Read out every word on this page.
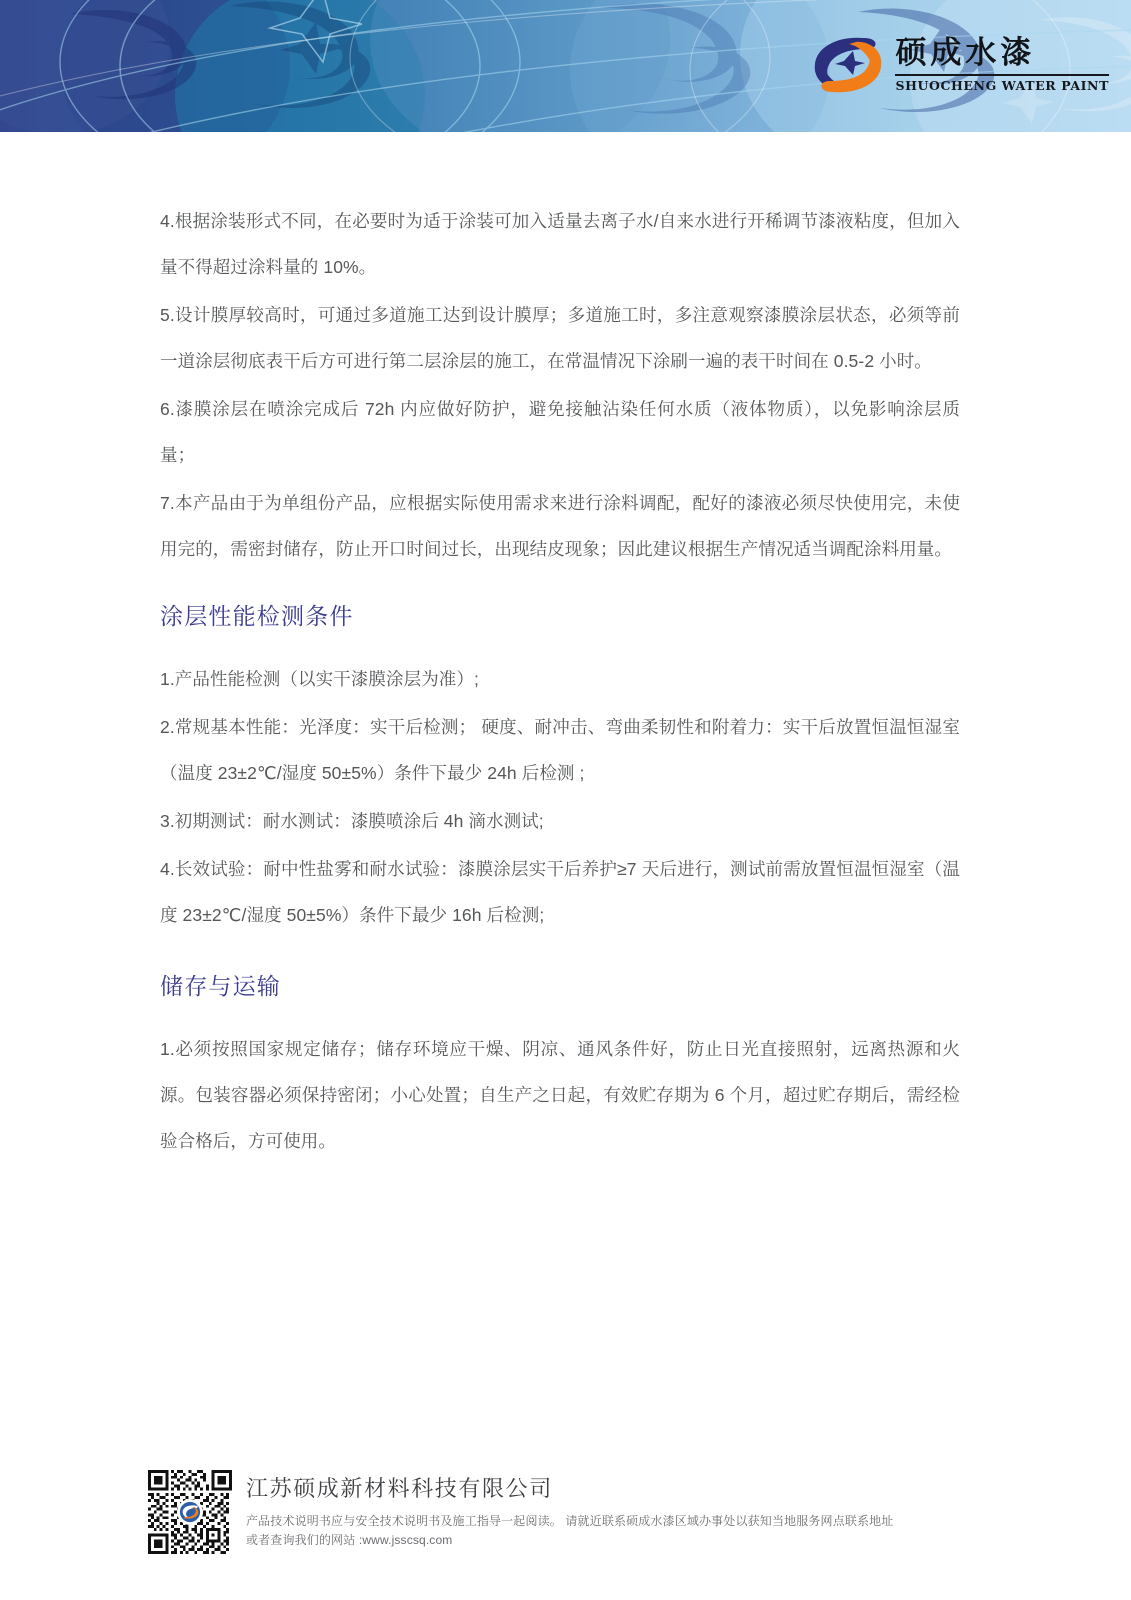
硕成水漆
SHUOCHENG WATER PAINT

4.根据涂装形式不同，在必要时为适于涂装可加入适量去离子水/自来水进行开稀调节漆液粘度，但加入量不得超过涂料量的 10%。

5.设计膜厚较高时，可通过多道施工达到设计膜厚；多道施工时，多注意观察漆膜涂层状态，必须等前一道涂层彻底表干后方可进行第二层涂层的施工，在常温情况下涂刷一遍的表干时间在 0.5-2 小时。

6.漆膜涂层在喷涂完成后 72h 内应做好防护，避免接触沾染任何水质（液体物质），以免影响涂层质量；

7.本产品由于为单组份产品，应根据实际使用需求来进行涂料调配，配好的漆液必须尽快使用完，未使用完的，需密封储存，防止开口时间过长，出现结皮现象；因此建议根据生产情况适当调配涂料用量。

涂层性能检测条件

1.产品性能检测（以实干漆膜涂层为准）;

2.常规基本性能：光泽度：实干后检测； 硬度、耐冲击、弯曲柔韧性和附着力：实干后放置恒温恒湿室（温度 23±2℃/湿度 50±5%）条件下最少 24h 后检测 ;

3.初期测试：耐水测试：漆膜喷涂后 4h 滴水测试;

4.长效试验：耐中性盐雾和耐水试验：漆膜涂层实干后养护≥7 天后进行，测试前需放置恒温恒湿室（温度 23±2℃/湿度 50±5%）条件下最少 16h 后检测;

储存与运输

1.必须按照国家规定储存；储存环境应干燥、阴凉、通风条件好，防止日光直接照射，远离热源和火源。包装容器必须保持密闭；小心处置；自生产之日起，有效贮存期为 6 个月，超过贮存期后，需经检验合格后，方可使用。

江苏硕成新材料科技有限公司
产品技术说明书应与安全技术说明书及施工指导一起阅读。 请就近联系硕成水漆区域办事处以获知当地服务网点联系地址
或者查询我们的网站 :www.jsscsq.com
